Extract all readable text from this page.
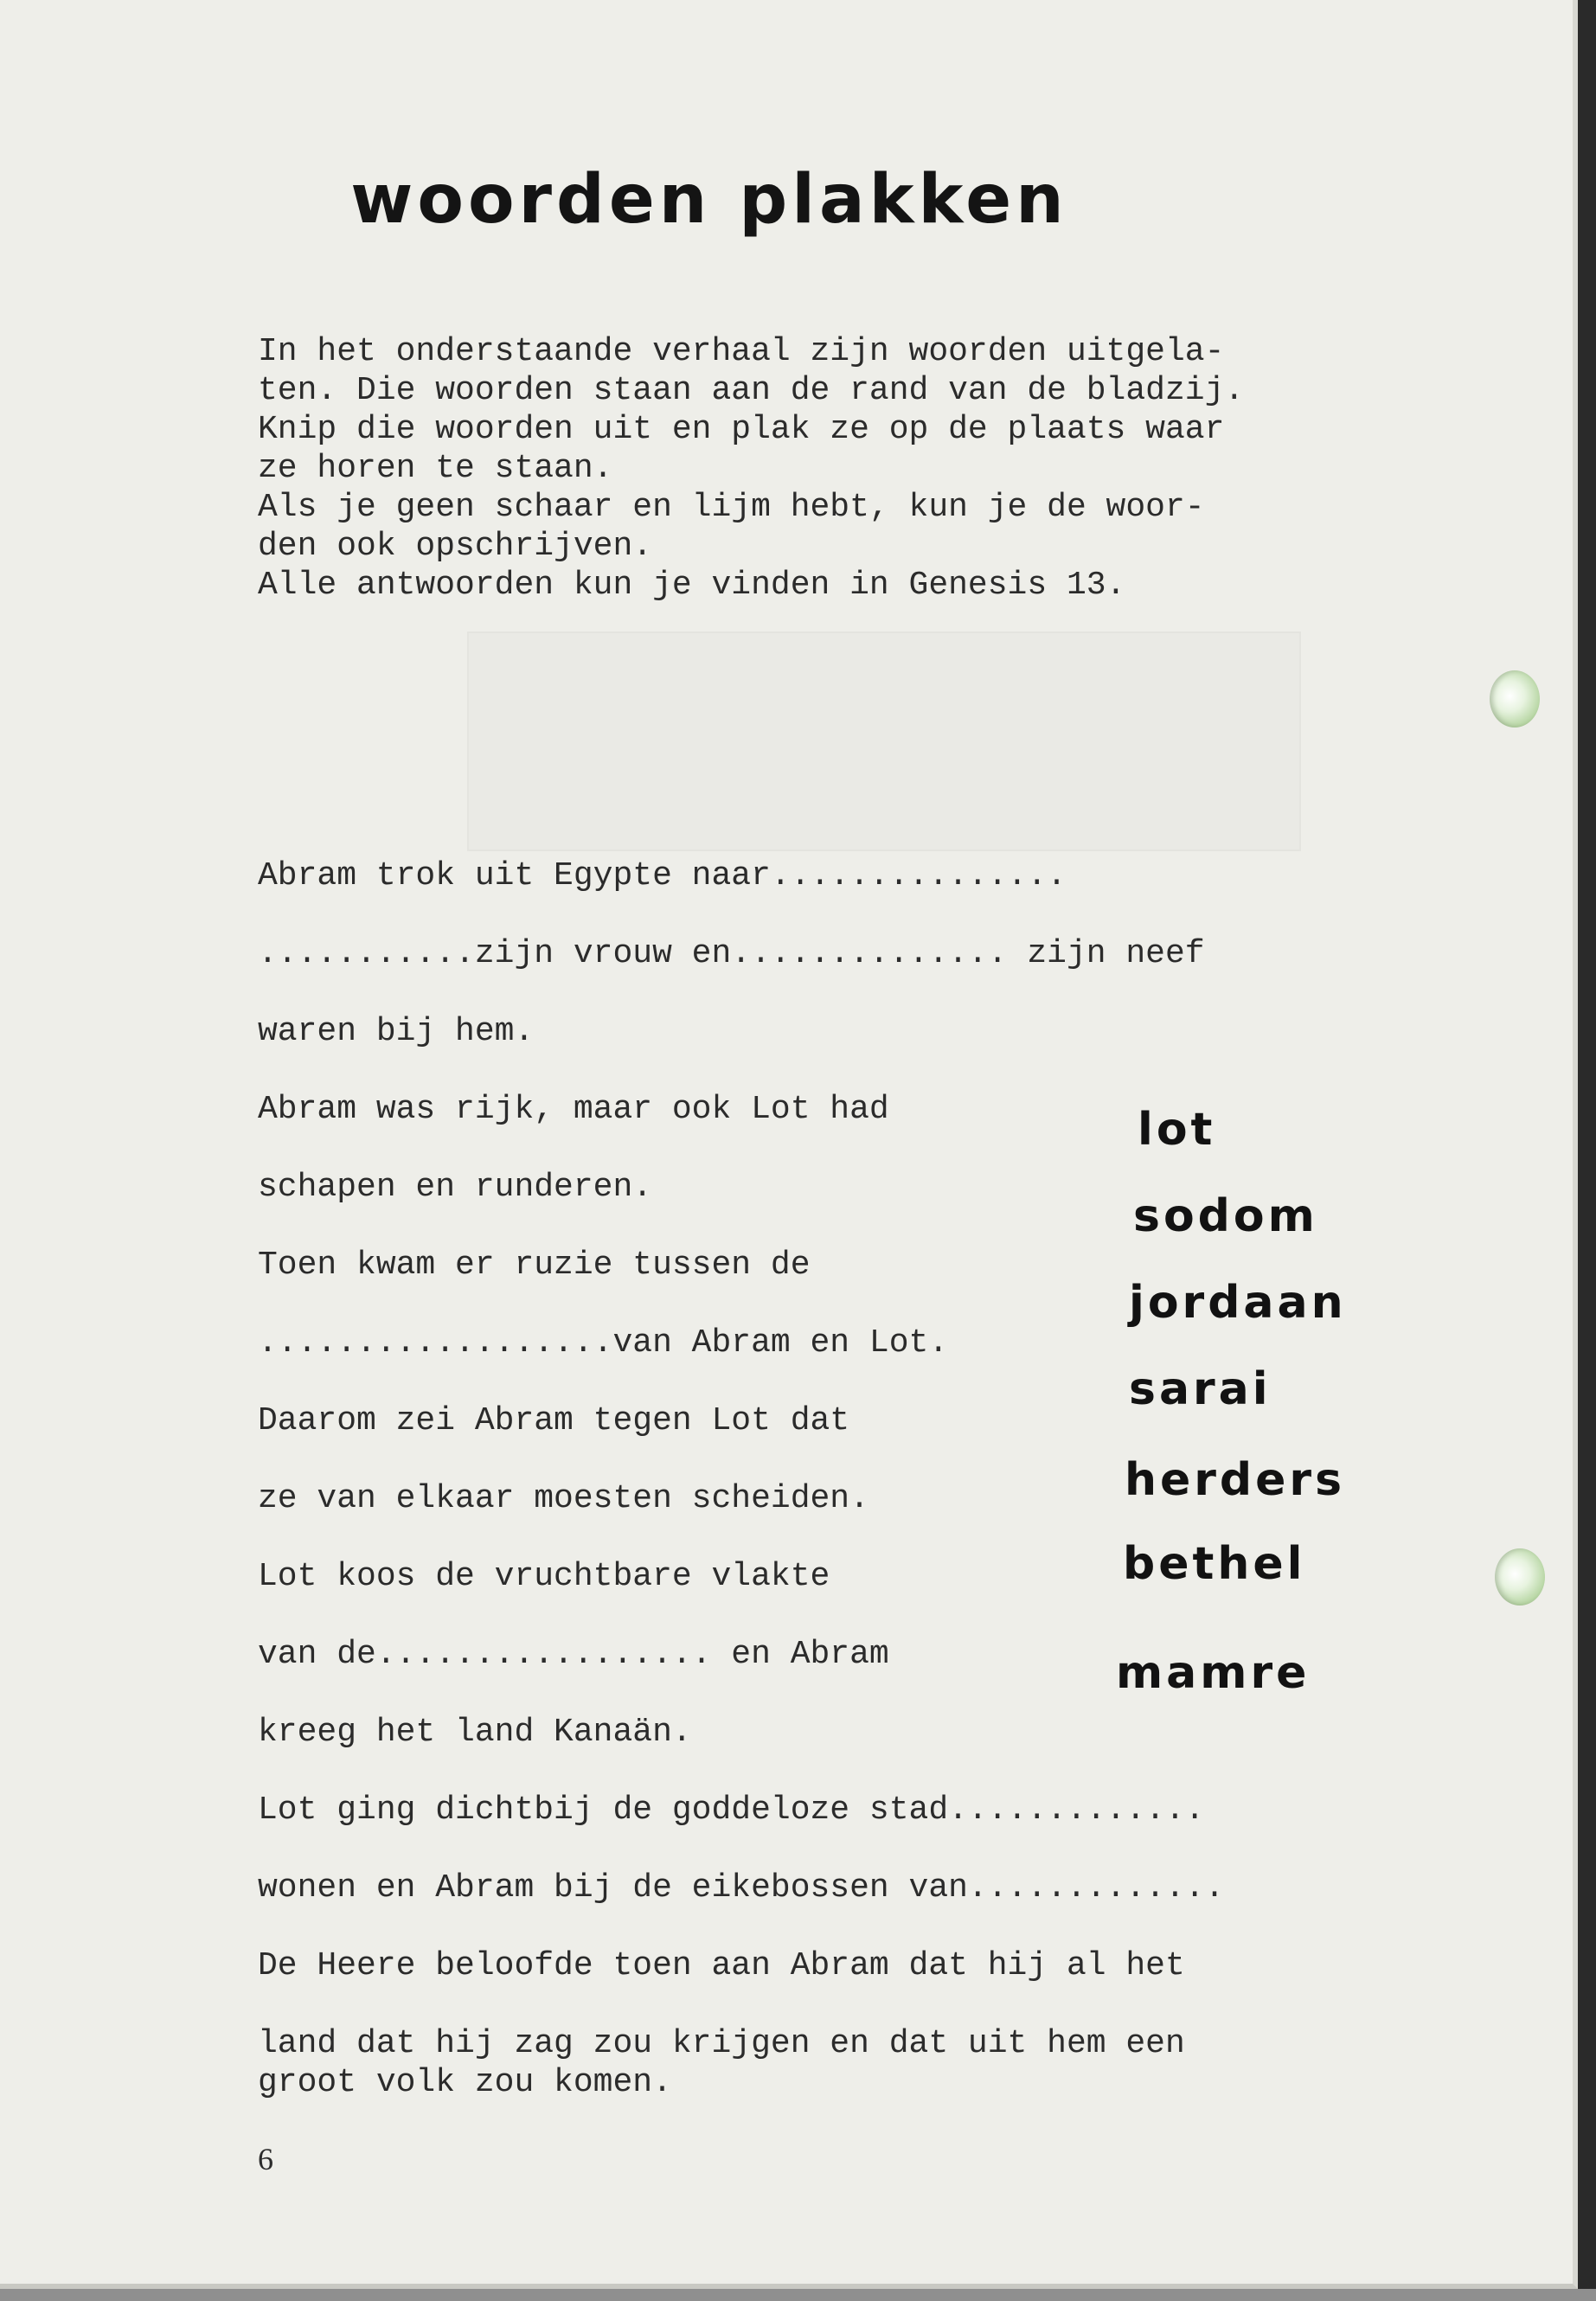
woorden plakken
In het onderstaande verhaal zijn woorden uitgela-
ten. Die woorden staan aan de rand van de bladzij.
Knip die woorden uit en plak ze op de plaats waar
ze horen te staan.
Als je geen schaar en lijm hebt, kun je de woor-
den ook opschrijven.
Alle antwoorden kun je vinden in Genesis 13.

Abram trok uit Egypte naar...............

...........zijn vrouw en.............. zijn neef

waren bij hem.

Abram was rijk, maar ook Lot had

schapen en runderen.

Toen kwam er ruzie tussen de

..................van Abram en Lot.

Daarom zei Abram tegen Lot dat

ze van elkaar moesten scheiden.

Lot koos de vruchtbare vlakte

van de................. en Abram

kreeg het land Kanaän.

Lot ging dichtbij de goddeloze stad.............

wonen en Abram bij de eikebossen van.............

De Heere beloofde toen aan Abram dat hij al het

land dat hij zag zou krijgen en dat uit hem een

groot volk zou komen.

lot
sodom
jordaan
sarai
herders
bethel
mamre
6
